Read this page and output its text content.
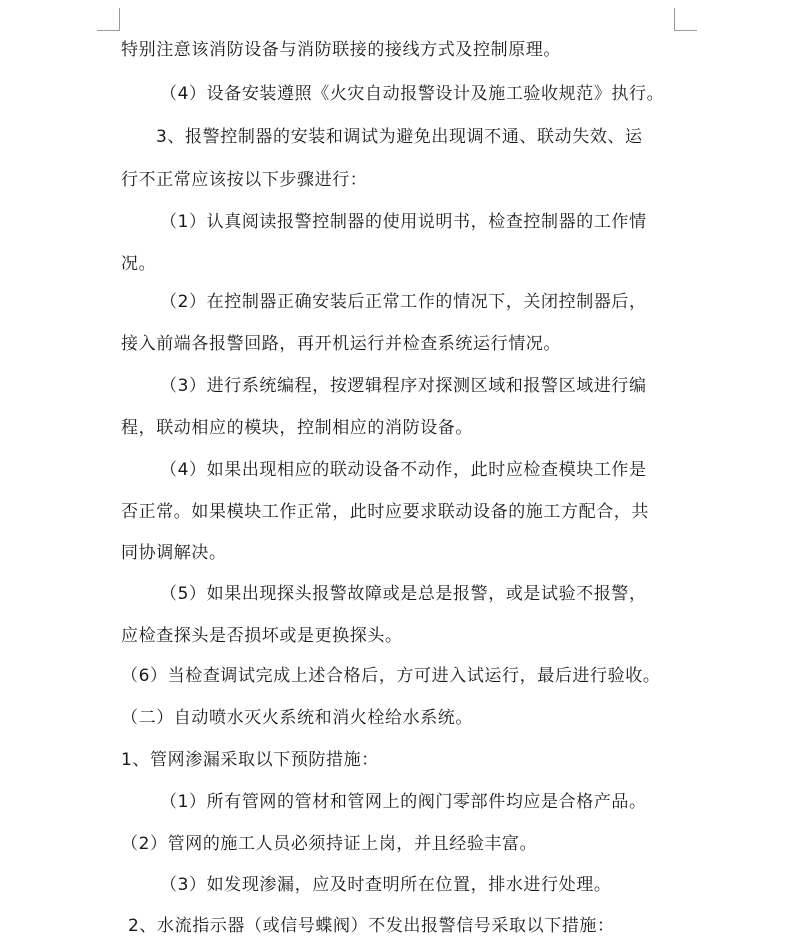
特别注意该消防设备与消防联接的接线方式及控制原理。
（4）设备安装遵照《火灾自动报警设计及施工验收规范》执行。
3、报警控制器的安装和调试为避免出现调不通、联动失效、运
行不正常应该按以下步骤进行：
（1）认真阅读报警控制器的使用说明书，检查控制器的工作情
况。
（2）在控制器正确安装后正常工作的情况下，关闭控制器后，
接入前端各报警回路，再开机运行并检查系统运行情况。
（3）进行系统编程，按逻辑程序对探测区域和报警区域进行编
程，联动相应的模块，控制相应的消防设备。
（4）如果出现相应的联动设备不动作，此时应检查模块工作是
否正常。如果模块工作正常，此时应要求联动设备的施工方配合，共
同协调解决。
（5）如果出现探头报警故障或是总是报警，或是试验不报警，
应检查探头是否损坏或是更换探头。
（6）当检查调试完成上述合格后，方可进入试运行，最后进行验收。
（二）自动喷水灭火系统和消火栓给水系统。
1、管网渗漏采取以下预防措施：
（1）所有管网的管材和管网上的阀门零部件均应是合格产品。
（2）管网的施工人员必须持证上岗，并且经验丰富。
（3）如发现渗漏，应及时查明所在位置，排水进行处理。
2、水流指示器（或信号蝶阀）不发出报警信号采取以下措施：
